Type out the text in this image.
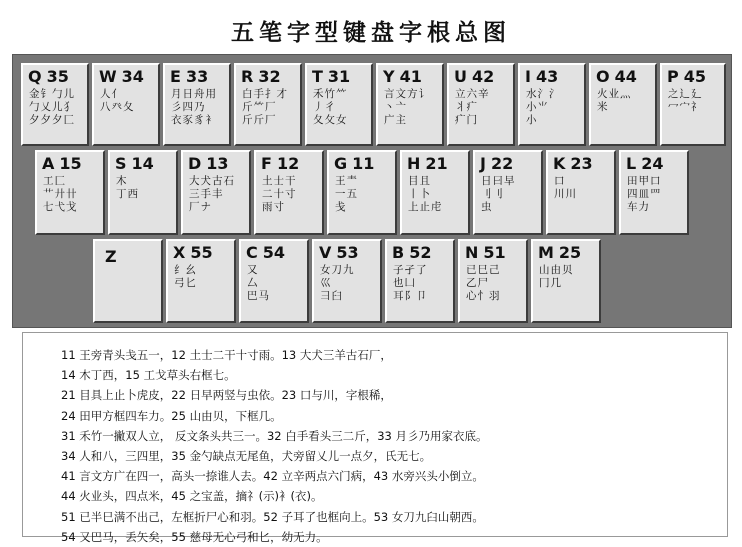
五笔字型键盘字根总图
Q 35
金钅勹儿
勹乂儿犭
夕夕夕匚
W 34
人亻
八癶夂
E 33
月日舟用
彡四乃
衣豕豸衤
R 32
白手扌才
斤⺮厂
斤斤厂
T 31
禾竹⺮
丿彳
夂攵女
Y 41
言文方讠
丶亠
广主
U 42
立六辛
丬疒
疒门
I 43
水氵⺡
小⺌
小
O 44
火业灬
米
P 45
之辶廴
冖宀礻
A 15
工匚
艹廾卄
七弋戈
S 14
木
丁西
D 13
大犬古石
三手丰
厂ナ
F 12
土士干
二十寸
雨寸
G 11
王龶
一五
戋
H 21
目且
丨卜
上止虍
J 22
日曰早
刂刂
虫
K 23
口
川川
L 24
田甲口
四皿罒
车力
Z	X 55
纟幺
弓匕
C 54
又
厶
巴马
V 53
女刀九
巛
彐臼
B 52
子孑了
也凵
耳阝卩
N 51
已巳己
乙尸
心忄羽
M 25
山由贝
冂几
11 王旁青头戋五一，12 土士二干十寸雨。13 大犬三羊古石厂，
14 木丁西，15 工戈草头右框七。
21 目具上止卜虎皮，22 日早两竖与虫依。23 口与川，字根稀，
24 田甲方框四车力。25 山由贝，下框几。
31 禾竹一撇双人立， 反文条头共三一。32 白手看头三二斤，33 月彡乃用家衣底。
34 人和八，三四里，35 金勺缺点无尾鱼，犬旁留乂儿一点夕，氏无七。
41 言文方广在四一，高头一捺谁人去。42 立辛两点六门病，43 水旁兴头小倒立。
44 火业头，四点米，45 之宝盖，摘礻(示)衤(衣)。
51 已半巳满不出己，左框折尸心和羽。52 子耳了也框向上。53 女刀九臼山朝西。
54 又巴马，丢矢矣，55 慈母无心弓和匕，幼无力。
